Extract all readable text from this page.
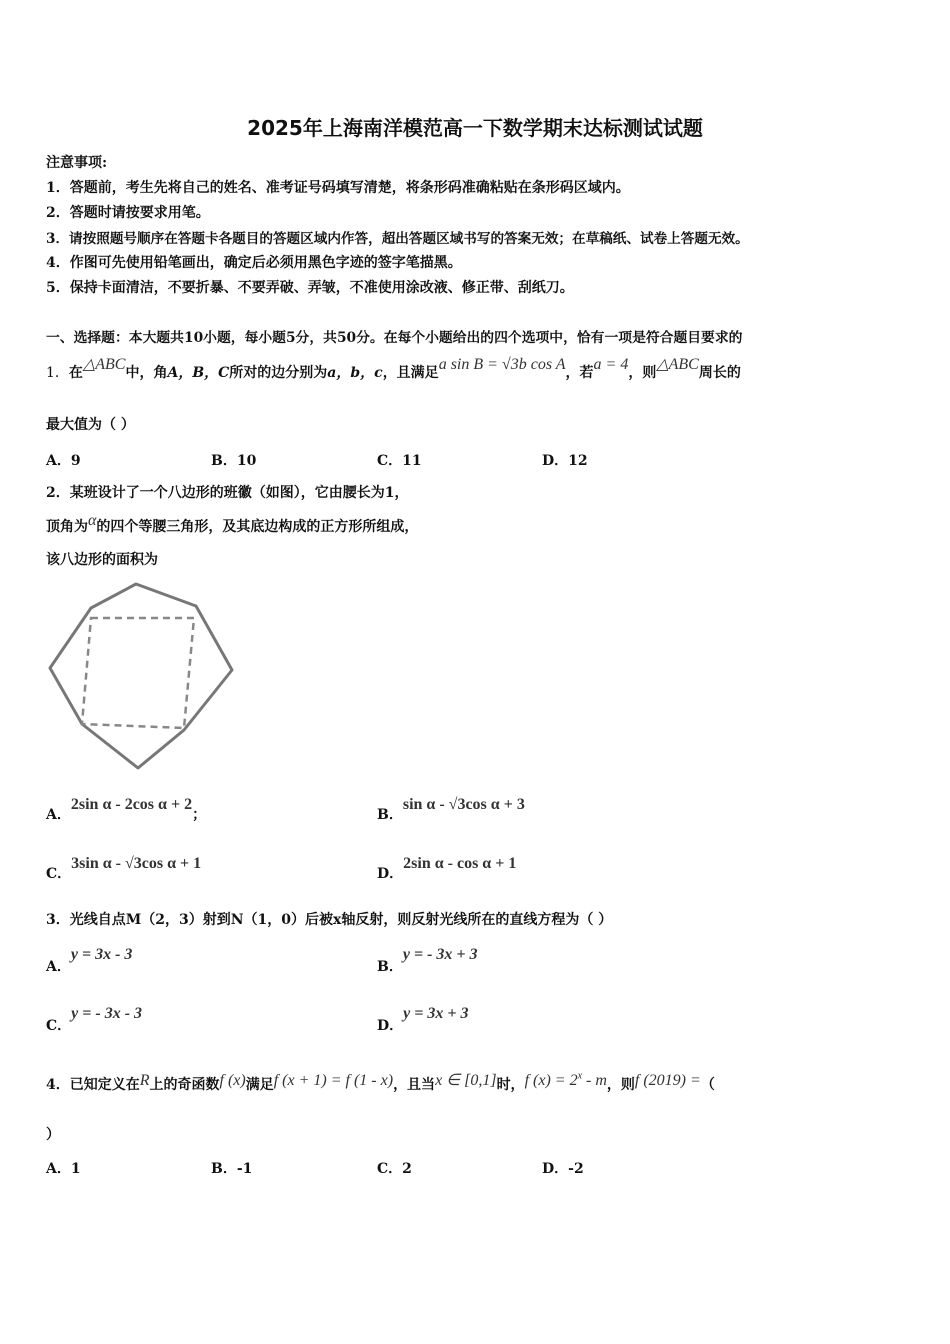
2025年上海南洋模范高一下数学期末达标测试试题
注意事项:
1．答题前，考生先将自己的姓名、准考证号码填写清楚，将条形码准确粘贴在条形码区域内。
2．答题时请按要求用笔。
3．请按照题号顺序在答题卡各题目的答题区域内作答，超出答题区域书写的答案无效；在草稿纸、试卷上答题无效。
4．作图可先使用铅笔画出，确定后必须用黑色字迹的签字笔描黑。
5．保持卡面清洁，不要折暴、不要弄破、弄皱，不准使用涂改液、修正带、刮纸刀。
一、选择题：本大题共10小题，每小题5分，共50分。在每个小题给出的四个选项中，恰有一项是符合题目要求的
1．在△ABC中，角A，B，C所对的边分别为a，b，c，且满足a sin B = √3b cos A，若a = 4，则△ABC周长的
最大值为（ ）
A．9	B．10	C．11	D．12
2．某班设计了一个八边形的班徽（如图），它由腰长为1，
顶角为α的四个等腰三角形，及其底边构成的正方形所组成，
该八边形的面积为
A．2sin α - 2cos α + 2；	B．sin α - √3cos α + 3
C．3sin α - √3cos α + 1
D．2sin α - cos α + 1
3．光线自点M（2，3）射到N（1，0）后被x轴反射，则反射光线所在的直线方程为（ ）
A．y = 3x - 3
B．y = - 3x + 3
C．y = - 3x - 3
D．y = 3x + 3
4．已知定义在R上的奇函数f (x)满足f (x + 1) = f (1 - x)，且当x ∈ [0,1]时，f $(x) = 2^x - m$，则f (2019) =（
）
A．1	B．-1	C．2	D．-2
